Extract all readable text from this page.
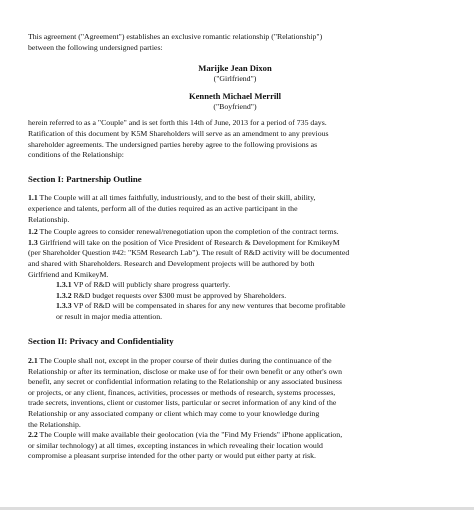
This agreement ("Agreement") establishes an exclusive romantic relationship ("Relationship")

between the following undersigned parties:

Marijke Jean Dixon

("Girlfriend")

Kenneth Michael Merrill

("Boyfriend")

herein referred to as a "Couple" and is set forth this 14th of June, 2013 for a period of 735 days.

Ratification of this document by K5M Shareholders will serve as an amendment to any previous

shareholder agreements. The undersigned parties hereby agree to the following provisions as

conditions of the Relationship:

Section I: Partnership Outline

1.1 The Couple will at all times faithfully, industriously, and to the best of their skill, ability,

experience and talents, perform all of the duties required as an active participant in the

Relationship.

1.2 The Couple agrees to consider renewal/renegotiation upon the completion of the contract terms.

1.3 Girlfriend will take on the position of Vice President of Research & Development for KmikeyM

(per Shareholder Question #42: "K5M Research Lab"). The result of R&D activity will be documented

and shared with Shareholders. Research and Development projects will be authored by both

Girlfriend and KmikeyM.

1.3.1 VP of R&D will publicly share progress quarterly.

1.3.2 R&D budget requests over $300 must be approved by Shareholders.

1.3.3 VP of R&D will be compensated in shares for any new ventures that become profitable

or result in major media attention.

Section II: Privacy and Confidentiality

2.1 The Couple shall not, except in the proper course of their duties during the continuance of the

Relationship or after its termination, disclose or make use of for their own benefit or any other's own

benefit, any secret or confidential information relating to the Relationship or any associated business

or projects, or any client, finances, activities, processes or methods of research, systems processes,

trade secrets, inventions, client or customer lists, particular or secret information of any kind of the

Relationship or any associated company or client which may come to your knowledge during

the Relationship.

2.2 The Couple will make available their geolocation (via the "Find My Friends" iPhone application,

or similar technology) at all times, excepting instances in which revealing their location would

compromise a pleasant surprise intended for the other party or would put either party at risk.
